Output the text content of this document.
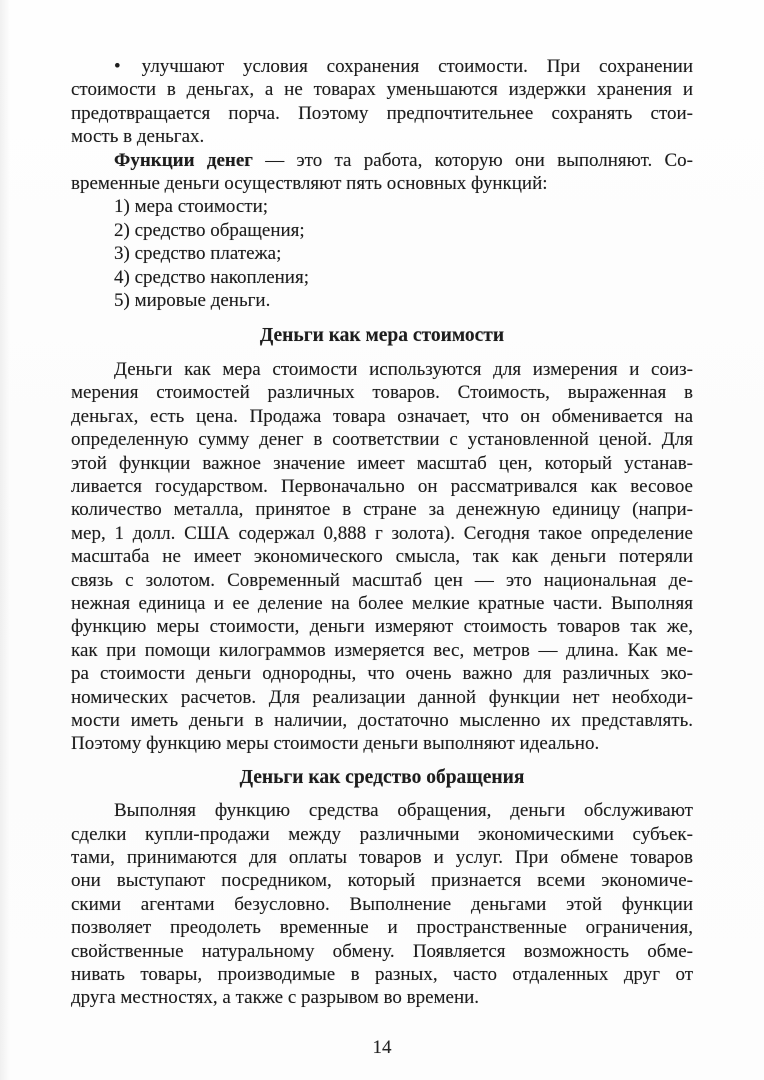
• улучшают условия сохранения стоимости. При сохранении
стоимости в деньгах, а не товарах уменьшаются издержки хранения и
предотвращается порча. Поэтому предпочтительнее сохранять стои-
мость в деньгах.
Функции денег — это та работа, которую они выполняют. Со-
временные деньги осуществляют пять основных функций:
1) мера стоимости;
2) средство обращения;
3) средство платежа;
4) средство накопления;
5) мировые деньги.
Деньги как мера стоимости
Деньги как мера стоимости используются для измерения и соиз-
мерения стоимостей различных товаров. Стоимость, выраженная в
деньгах, есть цена. Продажа товара означает, что он обменивается на
определенную сумму денег в соответствии с установленной ценой. Для
этой функции важное значение имеет масштаб цен, который устанав-
ливается государством. Первоначально он рассматривался как весовое
количество металла, принятое в стране за денежную единицу (напри-
мер, 1 долл. США содержал 0,888 г золота). Сегодня такое определение
масштаба не имеет экономического смысла, так как деньги потеряли
связь с золотом. Современный масштаб цен — это национальная де-
нежная единица и ее деление на более мелкие кратные части. Выполняя
функцию меры стоимости, деньги измеряют стоимость товаров так же,
как при помощи килограммов измеряется вес, метров — длина. Как ме-
ра стоимости деньги однородны, что очень важно для различных эко-
номических расчетов. Для реализации данной функции нет необходи-
мости иметь деньги в наличии, достаточно мысленно их представлять.
Поэтому функцию меры стоимости деньги выполняют идеально.
Деньги как средство обращения
Выполняя функцию средства обращения, деньги обслуживают
сделки купли-продажи между различными экономическими субъек-
тами, принимаются для оплаты товаров и услуг. При обмене товаров
они выступают посредником, который признается всеми экономиче-
скими агентами безусловно. Выполнение деньгами этой функции
позволяет преодолеть временные и пространственные ограничения,
свойственные натуральному обмену. Появляется возможность обме-
нивать товары, производимые в разных, часто отдаленных друг от
друга местностях, а также с разрывом во времени.
14
